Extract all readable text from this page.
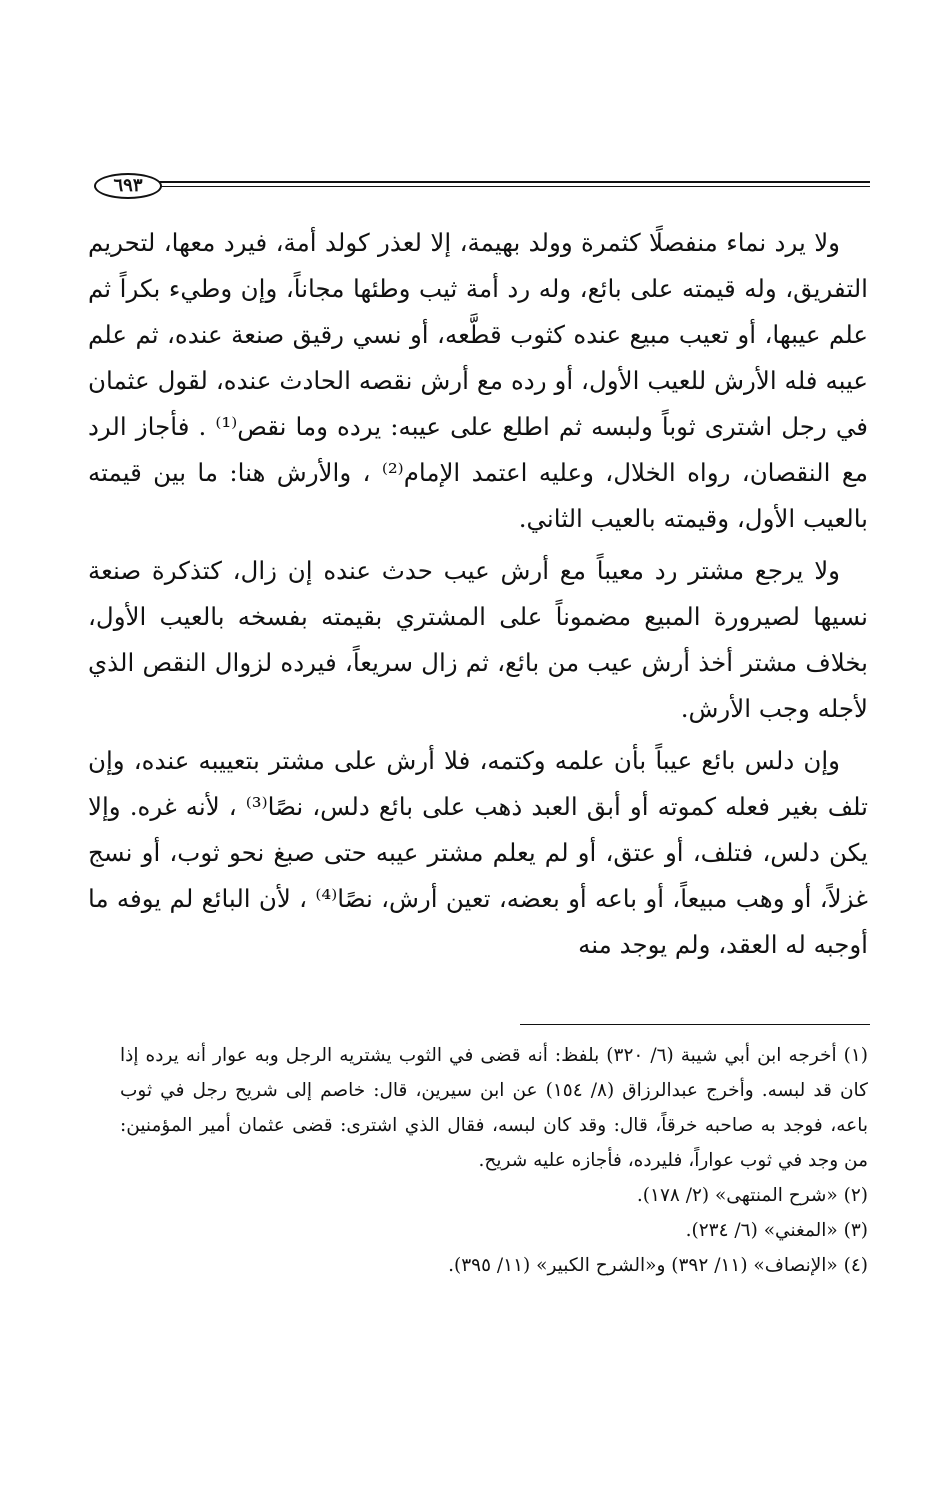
٦٩٣

ولا يرد نماء منفصلًا كثمرة وولد بهيمة، إلا لعذر كولد أمة، فيرد معها، لتحريم التفريق، وله قيمته على بائع، وله رد أمة ثيب وطئها مجاناً، وإن وطيء بكراً ثم علم عيبها، أو تعيب مبيع عنده كثوب قطَّعه، أو نسي رقيق صنعة عنده، ثم علم عيبه فله الأرش للعيب الأول، أو رده مع أرش نقصه الحادث عنده، لقول عثمان في رجل اشترى ثوباً ولبسه ثم اطلع على عيبه: يرده وما نقص⁽¹⁾ . فأجاز الرد مع النقصان، رواه الخلال، وعليه اعتمد الإمام⁽²⁾ ، والأرش هنا: ما بين قيمته بالعيب الأول، وقيمته بالعيب الثاني.

ولا يرجع مشتر رد معيباً مع أرش عيب حدث عنده إن زال، كتذكرة صنعة نسيها لصيرورة المبيع مضموناً على المشتري بقيمته بفسخه بالعيب الأول، بخلاف مشتر أخذ أرش عيب من بائع، ثم زال سريعاً، فيرده لزوال النقص الذي لأجله وجب الأرش.

وإن دلس بائع عيباً بأن علمه وكتمه، فلا أرش على مشتر بتعييبه عنده، وإن تلف بغير فعله كموته أو أبق العبد ذهب على بائع دلس، نصًا⁽³⁾ ، لأنه غره. وإلا يكن دلس، فتلف، أو عتق، أو لم يعلم مشتر عيبه حتى صبغ نحو ثوب، أو نسج غزلاً، أو وهب مبيعاً، أو باعه أو بعضه، تعين أرش، نصًا⁽⁴⁾ ، لأن البائع لم يوفه ما أوجبه له العقد، ولم يوجد منه

(١) أخرجه ابن أبي شيبة (٦/ ٣٢٠) بلفظ: أنه قضى في الثوب يشتريه الرجل وبه عوار أنه يرده إذا كان قد لبسه. وأخرج عبدالرزاق (٨/ ١٥٤) عن ابن سيرين، قال: خاصم إلى شريح رجل في ثوب باعه، فوجد به صاحبه خرقاً، قال: وقد كان لبسه، فقال الذي اشترى: قضى عثمان أمير المؤمنين: من وجد في ثوب عواراً، فليرده، فأجازه عليه شريح.

(٢) «شرح المنتهى» (٢/ ١٧٨).

(٣) «المغني» (٦/ ٢٣٤).

(٤) «الإنصاف» (١١/ ٣٩٢) و«الشرح الكبير» (١١/ ٣٩٥).
